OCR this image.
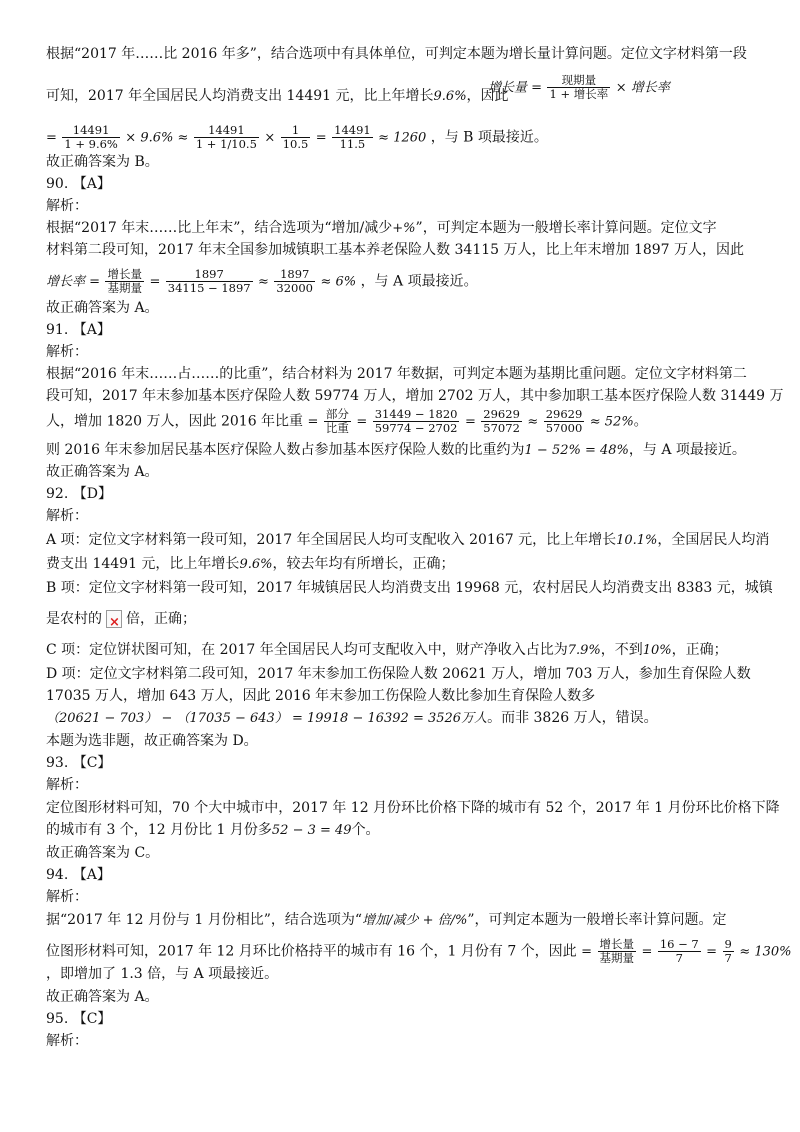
根据“2017 年……比 2016 年多”，结合选项中有具体单位，可判定本题为增长量计算问题。定位文字材料第一段
可知，2017 年全国居民人均消费支出 14491 元，比上年增长9.6%，因此
增长量 = $\frac{\text{现期量}}{\text{1 + 增长率}}$ × 增长率
= $\frac{14491}{1 + 9.6\%} \times 9.6\% \approx \frac{14491}{1 + 1/10.5} \times \frac{1}{10.5} = \frac{14491}{11.5} \approx 1260$ ，与 B 项最接近。
故正确答案为 B。
90. 【A】
解析：
根据“2017 年末……比上年末”，结合选项为“增加/减少+%”，可判定本题为一般增长率计算问题。定位文字
材料第二段可知，2017 年末全国参加城镇职工基本养老保险人数 34115 万人，比上年末增加 1897 万人，因此
增长率 = $\frac{\text{增长量}}{\text{基期量}} = \frac{1897}{34115 - 1897} \approx \frac{1897}{32000} \approx 6\%$ ，与 A 项最接近。
故正确答案为 A。
91. 【A】
解析：
根据“2016 年末……占……的比重”，结合材料为 2017 年数据，可判定本题为基期比重问题。定位文字材料第二
段可知，2017 年末参加基本医疗保险人数 59774 万人，增加 2702 万人，其中参加职工基本医疗保险人数 31449 万
人，增加 1820 万人，因此 2016 年比重 = $\frac{\text{部分}}{\text{比重}} = \frac{31449 - 1820}{59774 - 2702} = \frac{29629}{57072} \approx \frac{29629}{57000} \approx 52\%$。
则 2016 年末参加居民基本医疗保险人数占参加基本医疗保险人数的比重约为1 − 52% = 48%，与 A 项最接近。
故正确答案为 A。
92. 【D】
解析：
A 项：定位文字材料第一段可知，2017 年全国居民人均可支配收入 20167 元，比上年增长10.1%，全国居民人均消
费支出 14491 元，比上年增长9.6%，较去年均有所增长，正确；
B 项：定位文字材料第一段可知，2017 年城镇居民人均消费支出 19968 元，农村居民人均消费支出 8383 元，城镇
是农村的× 倍，正确；
C 项：定位饼状图可知，在 2017 年全国居民人均可支配收入中，财产净收入占比为7.9%，不到10%，正确；
D 项：定位文字材料第二段可知，2017 年末参加工伤保险人数 20621 万人，增加 703 万人，参加生育保险人数
17035 万人，增加 643 万人，因此 2016 年末参加工伤保险人数比参加生育保险人数多
（20621 − 703） − （17035 − 643） = 19918 − 16392 = 3526万人。而非 3826 万人，错误。
本题为选非题，故正确答案为 D。
93. 【C】
解析：
定位图形材料可知，70 个大中城市中，2017 年 12 月份环比价格下降的城市有 52 个，2017 年 1 月份环比价格下降
的城市有 3 个，12 月份比 1 月份多52 − 3 = 49个。
故正确答案为 C。
94. 【A】
解析：
据“2017 年 12 月份与 1 月份相比”，结合选项为“增加/减少 + 倍/%”，可判定本题为一般增长率计算问题。定
位图形材料可知，2017 年 12 月环比价格持平的城市有 16 个，1 月份有 7 个，因此 = $\frac{\text{增长量}}{\text{基期量}} = \frac{16 - 7}{7} = \frac{9}{7} \approx 130\%$
，即增加了 1.3 倍，与 A 项最接近。
故正确答案为 A。
95. 【C】
解析：
